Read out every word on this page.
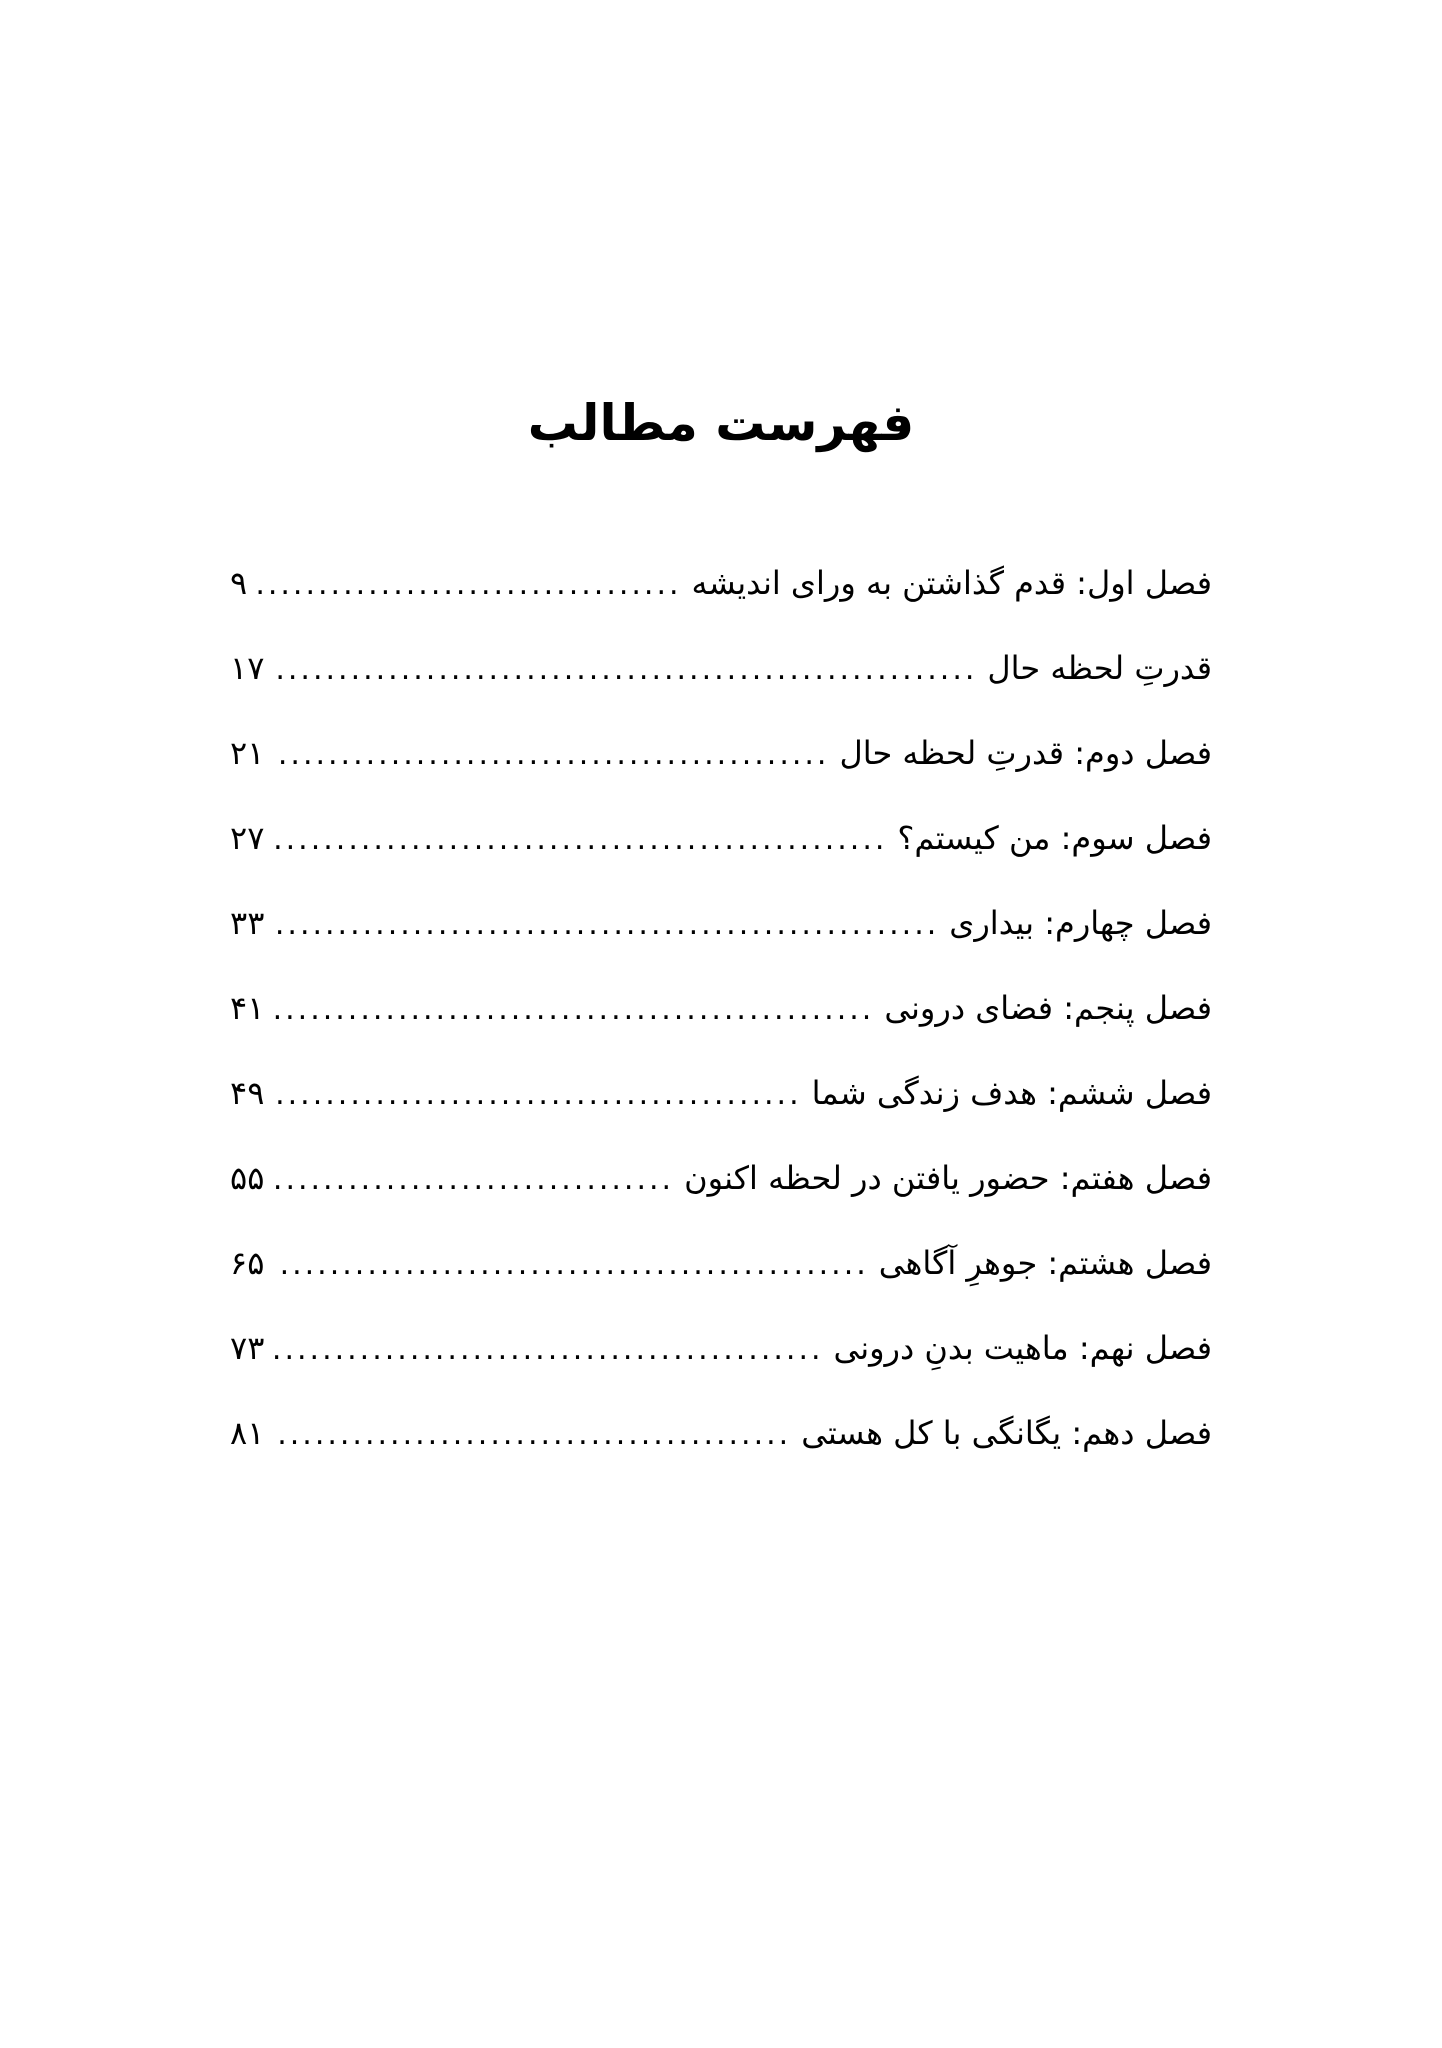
فهرست مطالب
فصل اول: قدم گذاشتن به ورای اندیشه
.....
۹
قدرتِ لحظه حال
.....
۱۷
فصل دوم: قدرتِ لحظه حال
.....
۲۱
فصل سوم: من کیستم؟
.....
۲۷
فصل چهارم: بیداری
.....
۳۳
فصل پنجم: فضای درونی
.....
۴۱
فصل ششم: هدف زندگی شما
.....
۴۹
فصل هفتم: حضور یافتن در لحظه اکنون
.....
۵۵
فصل هشتم: جوهرِ آگاهی
.....
۶۵
فصل نهم: ماهیت بدنِ درونی
.....
۷۳
فصل دهم: یگانگی با کل هستی
.....
۸۱
